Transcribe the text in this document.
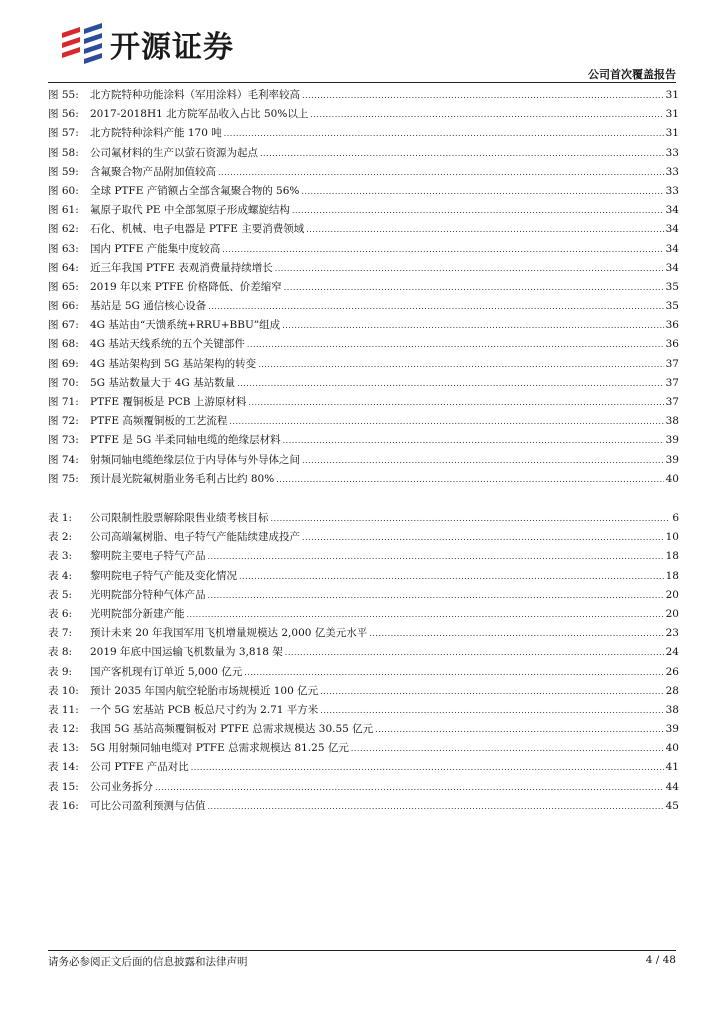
开源证券
公司首次覆盖报告
图 55:	北方院特种功能涂料（军用涂料）毛利率较高 .....	31
图 56:	2017-2018H1 北方院军品收入占比 50%以上 .....	31
图 57:	北方院特种涂料产能 170 吨 .....	31
图 58:	公司氟材料的生产以萤石资源为起点 .....	33
图 59:	含氟聚合物产品附加值较高 .....	33
图 60:	全球 PTFE 产销额占全部含氟聚合物的 56% .....	33
图 61:	氟原子取代 PE 中全部氢原子形成螺旋结构 .....	34
图 62:	石化、机械、电子电器是 PTFE 主要消费领域 .....	34
图 63:	国内 PTFE 产能集中度较高 .....	34
图 64:	近三年我国 PTFE 表观消费量持续增长 .....	34
图 65:	2019 年以来 PTFE 价格降低、价差缩窄 .....	35
图 66:	基站是 5G 通信核心设备 .....	35
图 67:	4G 基站由“天馈系统+RRU+BBU”组成 .....	36
图 68:	4G 基站天线系统的五个关键部件 .....	36
图 69:	4G 基站架构到 5G 基站架构的转变 .....	37
图 70:	5G 基站数量大于 4G 基站数量 .....	37
图 71:	PTFE 覆铜板是 PCB 上游原材料 .....	37
图 72:	PTFE 高频覆铜板的工艺流程 .....	38
图 73:	PTFE 是 5G 半柔同轴电缆的绝缘层材料 .....	39
图 74:	射频同轴电缆绝缘层位于内导体与外导体之间 .....	39
图 75:	预计晨光院氟树脂业务毛利占比约 80% .....	40
表 1:	公司限制性股票解除限售业绩考核目标 .....	6
表 2:	公司高端氟树脂、电子特气产能陆续建成投产 .....	10
表 3:	黎明院主要电子特气产品 .....	18
表 4:	黎明院电子特气产能及变化情况 .....	18
表 5:	光明院部分特种气体产品 .....	20
表 6:	光明院部分新建产能 .....	20
表 7:	预计未来 20 年我国军用飞机增量规模达 2,000 亿美元水平 .....	23
表 8:	2019 年底中国运输飞机数量为 3,818 架 .....	24
表 9:	国产客机现有订单近 5,000 亿元 .....	26
表 10:	预计 2035 年国内航空轮胎市场规模近 100 亿元 .....	28
表 11:	一个 5G 宏基站 PCB 板总尺寸约为 2.71 平方米 .....	38
表 12:	我国 5G 基站高频覆铜板对 PTFE 总需求规模达 30.55 亿元 .....	39
表 13:	5G 用射频同轴电缆对 PTFE 总需求规模达 81.25 亿元 .....	40
表 14:	公司 PTFE 产品对比 .....	41
表 15:	公司业务拆分 .....	44
表 16:	可比公司盈利预测与估值 .....	45
请务必参阅正文后面的信息披露和法律声明	4 / 48
